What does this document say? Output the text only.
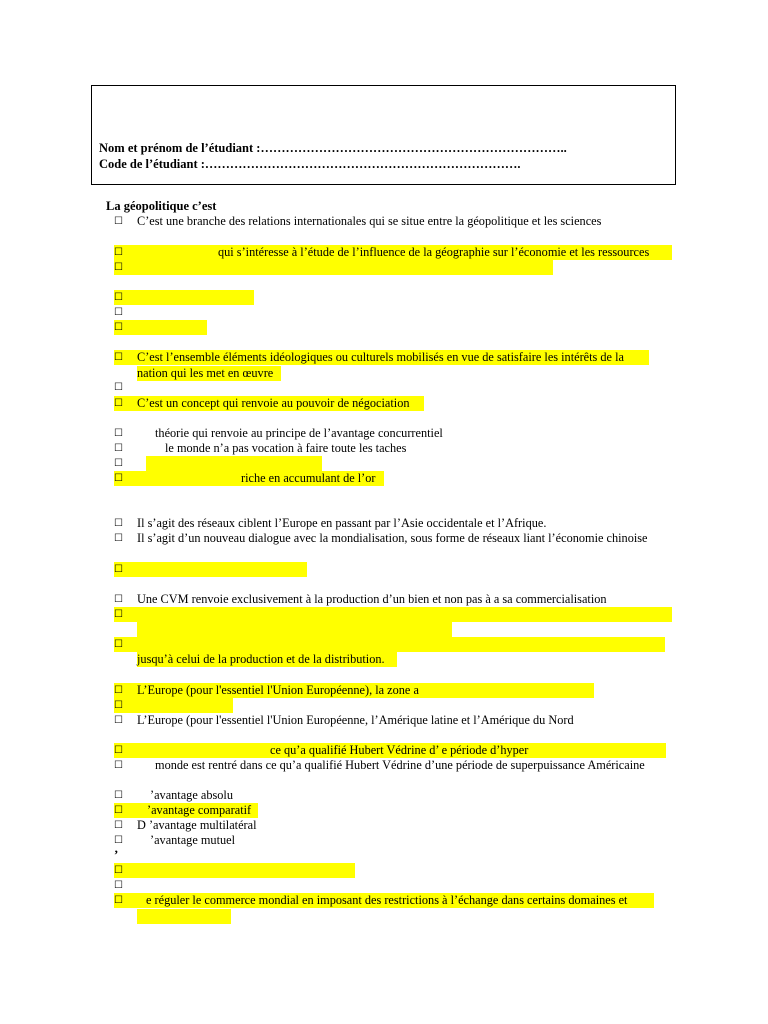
Nom et prénom de l’étudiant :………………………………………………………………..
Code de l’étudiant :………………………………………………………………….
La géopolitique c’est
☐ C’est une branche des relations internationales qui se situe entre la géopolitique et les sciences
☐	qui s’intéresse à l’étude de l’influence de la géographie sur l’économie et les ressources
☐
☐
☐
☐
☐ C’est l’ensemble éléments idéologiques ou culturels mobilisés en vue de satisfaire les intérêts de la
nation qui les met en œuvre
☐
☐ C’est un concept qui renvoie au pouvoir de négociation
☐	théorie qui renvoie au principe de l’avantage concurrentiel
☐	le monde n’a pas vocation à faire toute les taches
☐
☐	riche en accumulant de l’or
☐ Il s’agit des réseaux ciblent l’Europe en passant par l’Asie occidentale et l’Afrique.
☐ Il s’agit d’un nouveau dialogue avec la mondialisation, sous forme de réseaux liant l’économie chinoise
☐
☐ Une CVM renvoie exclusivement à la production d’un bien et non pas à a sa commercialisation
☐
☐
jusqu’à celui de la production et de la distribution.
☐ L’Europe (pour l'essentiel l'Union Européenne), la zone a
☐
☐ L’Europe (pour l'essentiel l'Union Européenne, l’Amérique latine et l’Amérique du Nord
☐	ce qu’a qualifié Hubert Védrine d’ e période d’hyper
☐	monde est rentré dans ce qu’a qualifié Hubert Védrine d’une période de superpuissance Américaine
☐ ’avantage absolu
☐ ’avantage comparatif
☐ D ’avantage multilatéral
☐ ’avantage mutuel
’
☐
☐
☐ e réguler le commerce mondial en imposant des restrictions à l’échange dans certains domaines et
